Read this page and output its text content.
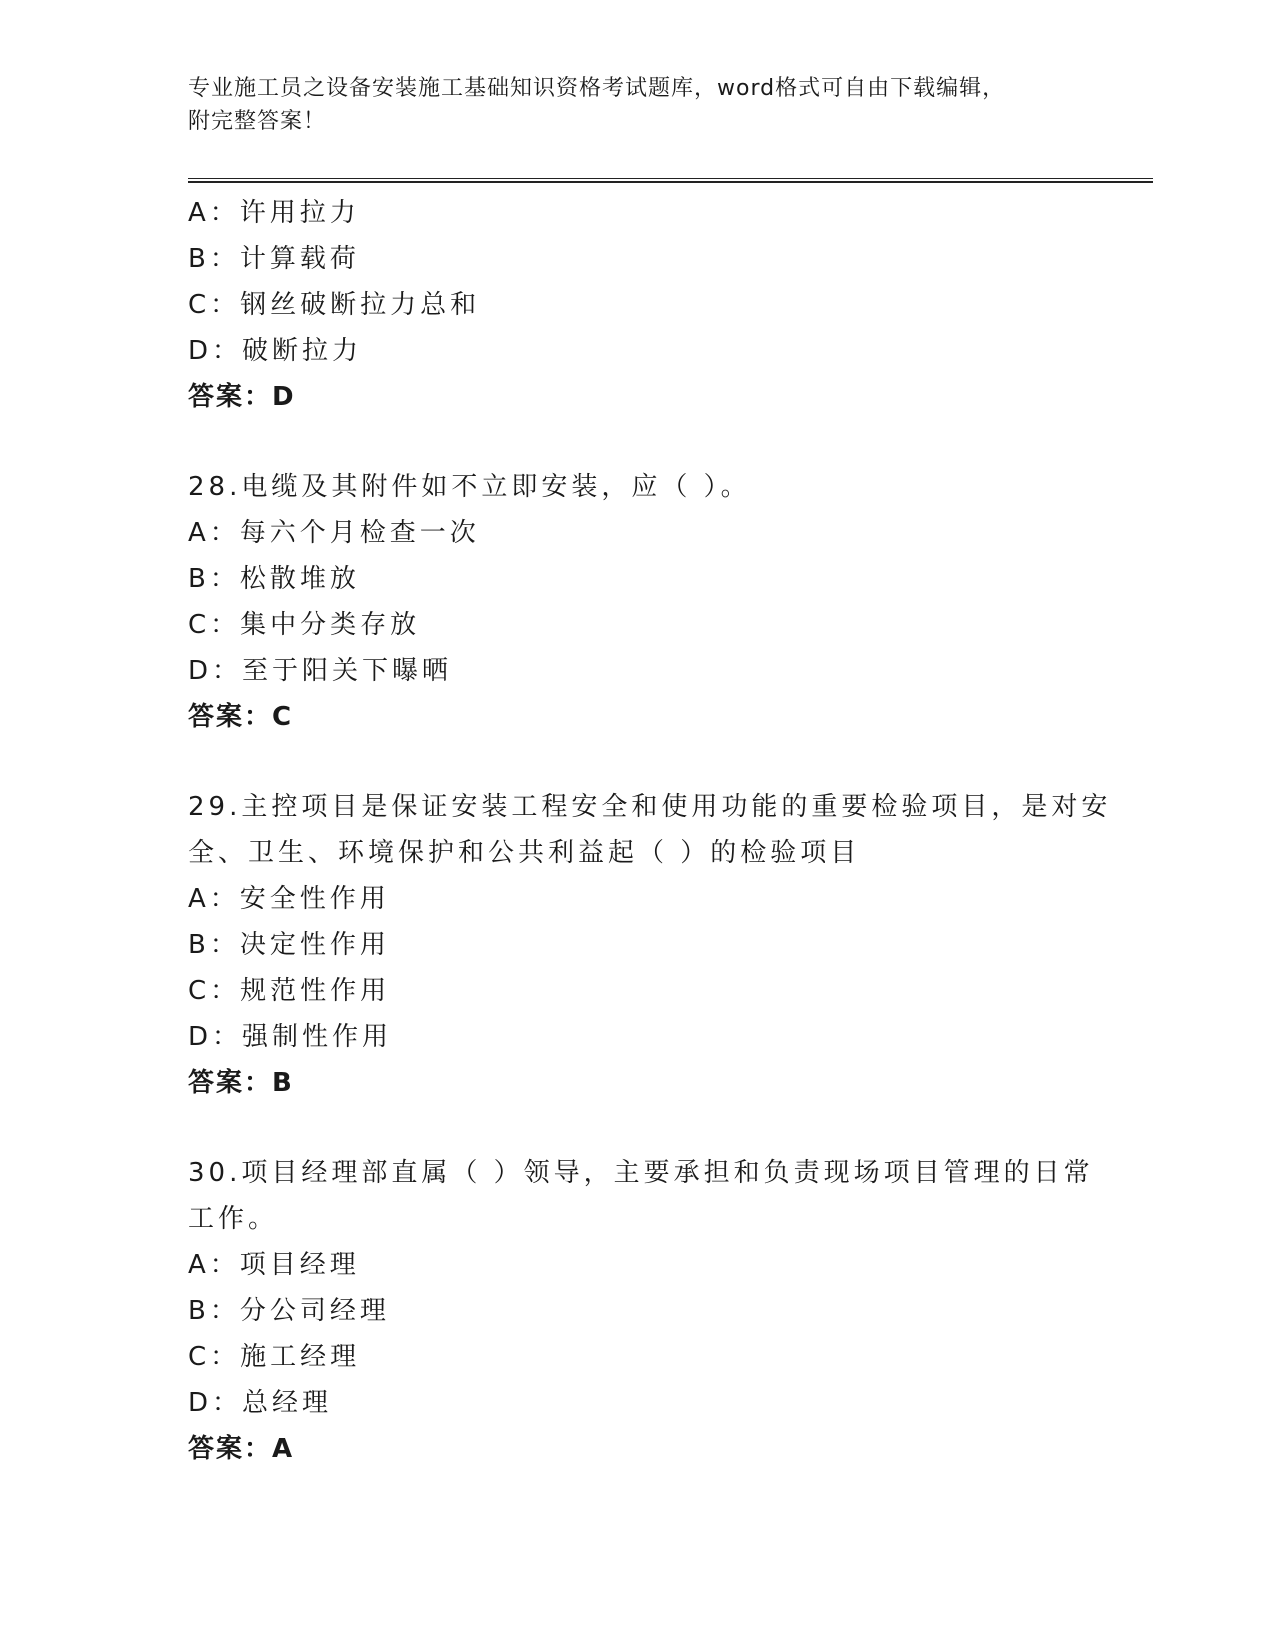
专业施工员之设备安装施工基础知识资格考试题库，word格式可自由下载编辑，
附完整答案！
A：许用拉力
B：计算载荷
C：钢丝破断拉力总和
D：破断拉力
答案：D
28.电缆及其附件如不立即安装，应（ ）。
A：每六个月检查一次
B：松散堆放
C：集中分类存放
D：至于阳关下曝晒
答案：C
29.主控项目是保证安装工程安全和使用功能的重要检验项目，是对安
全、卫生、环境保护和公共利益起（ ）的检验项目
A：安全性作用
B：决定性作用
C：规范性作用
D：强制性作用
答案：B
30.项目经理部直属（ ）领导，主要承担和负责现场项目管理的日常
工作。
A：项目经理
B：分公司经理
C：施工经理
D：总经理
答案：A
